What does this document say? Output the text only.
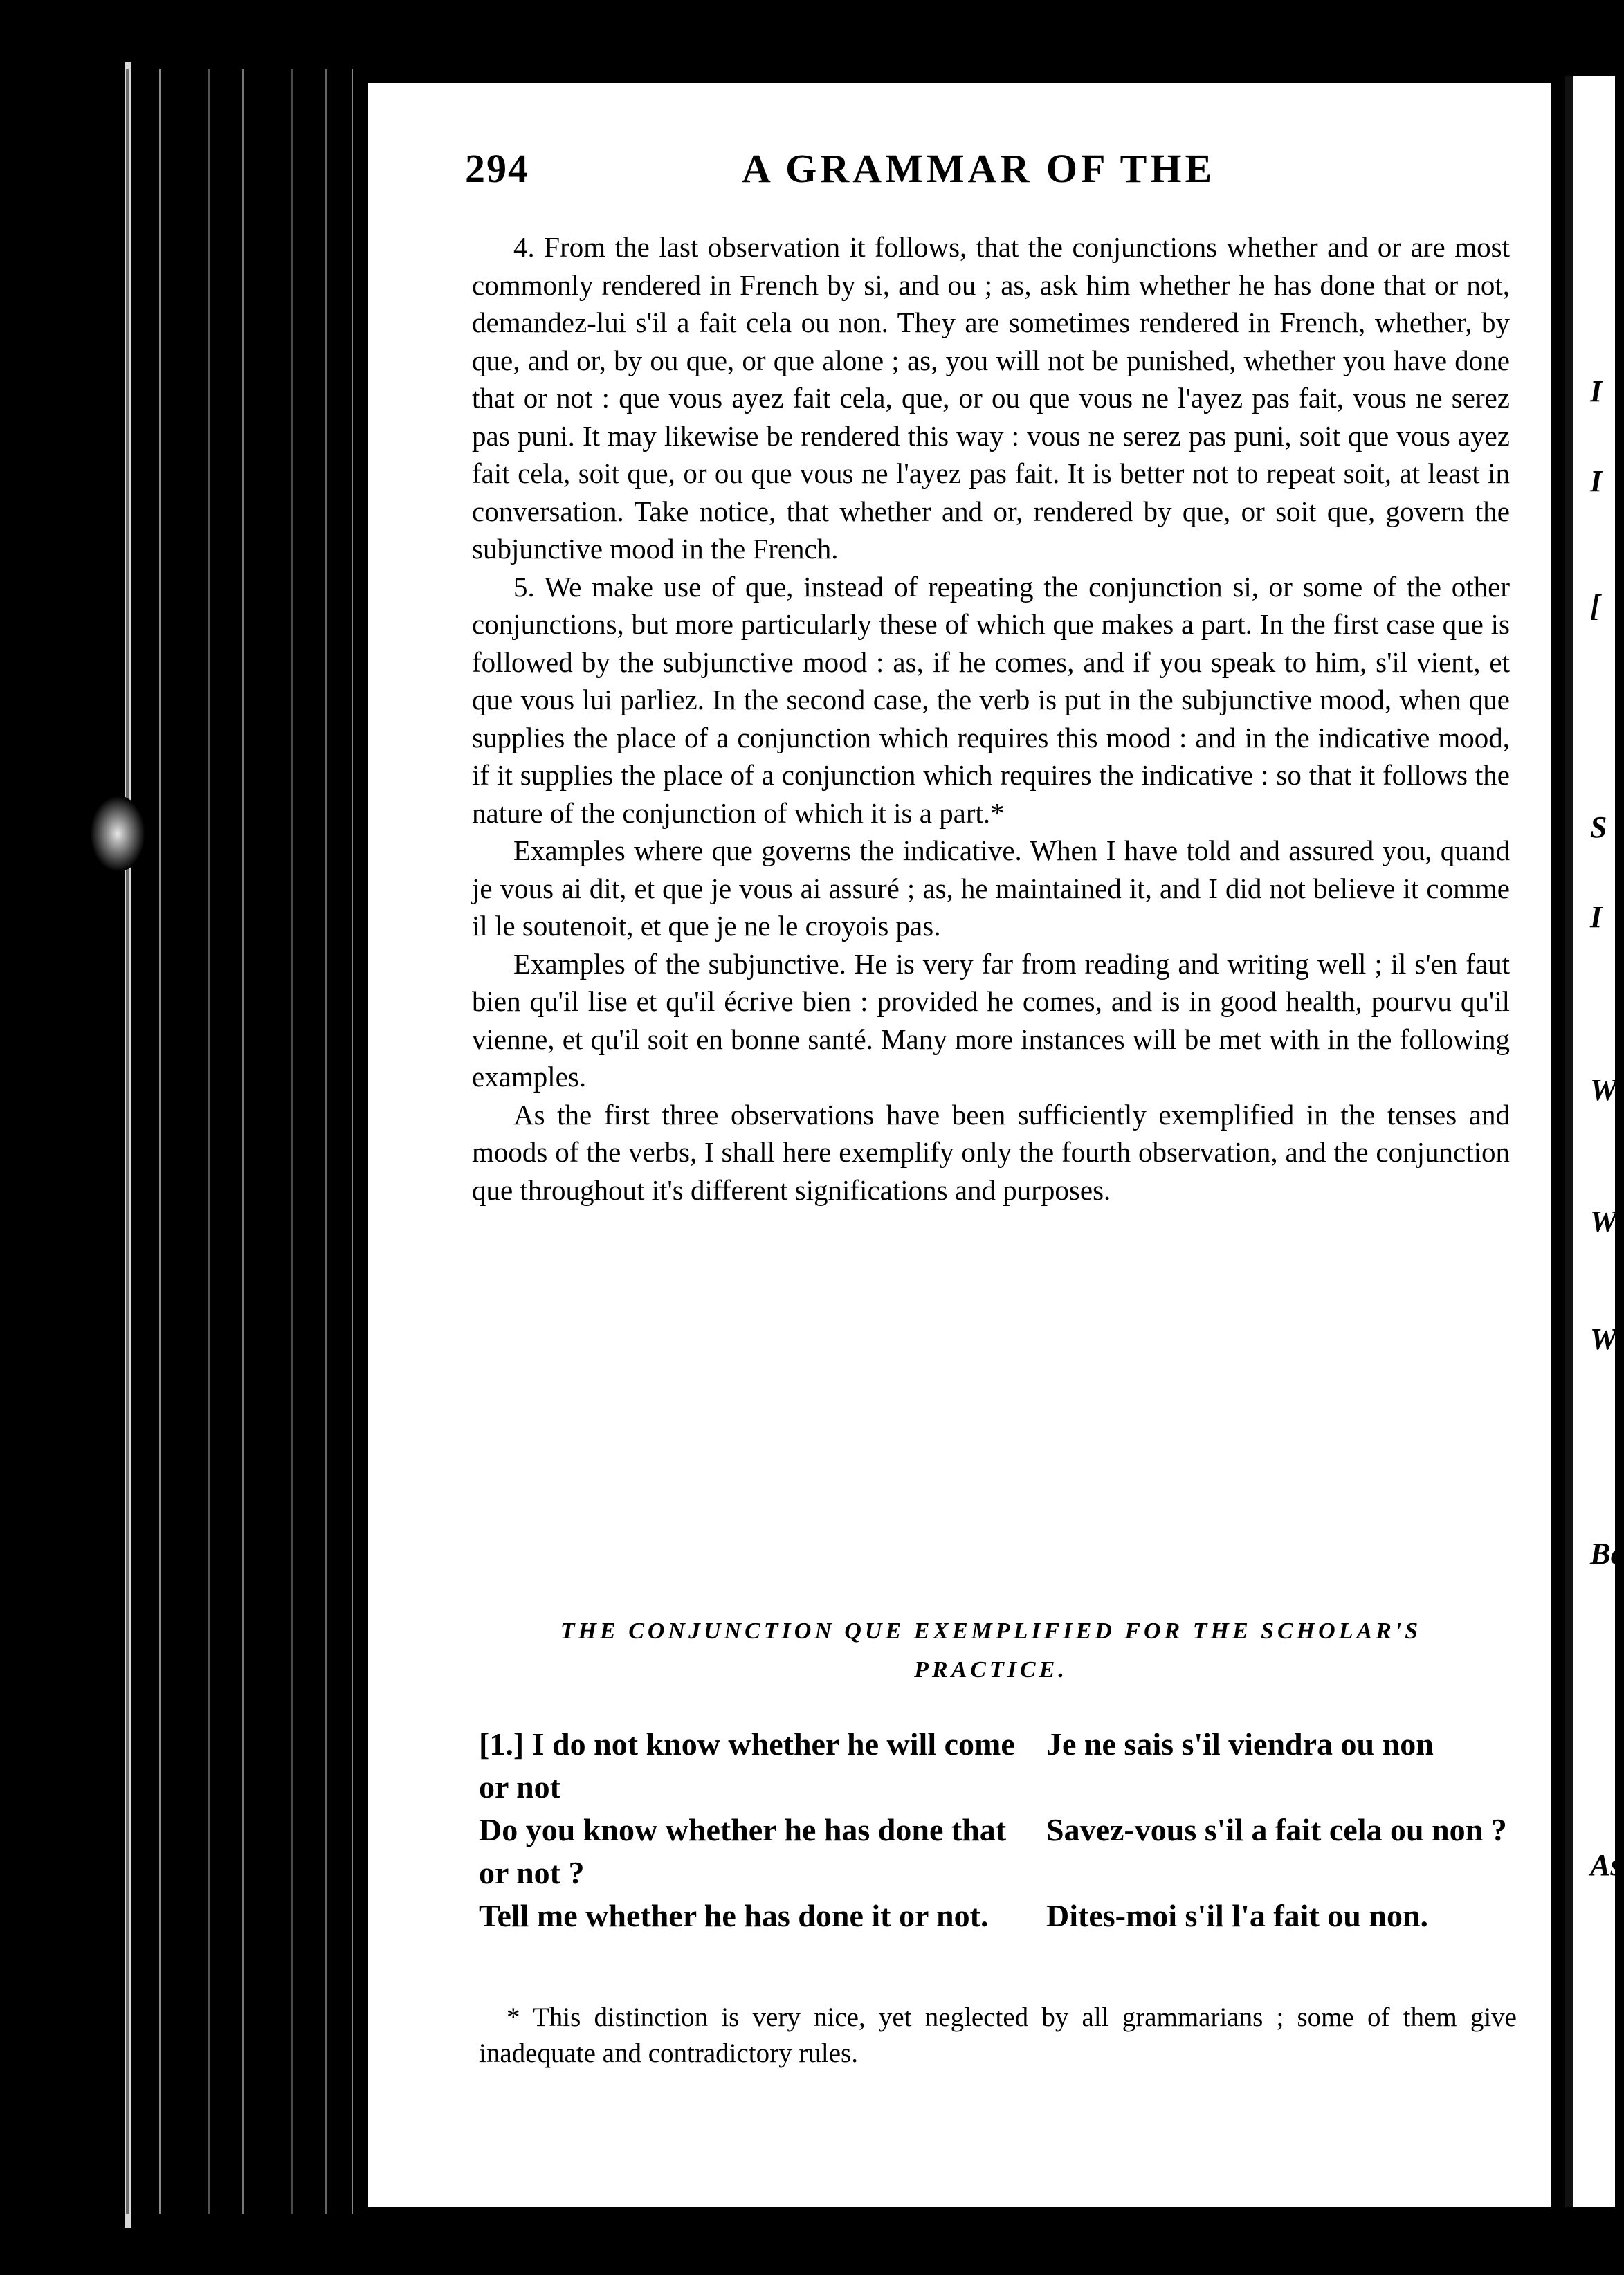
294	A GRAMMAR OF THE

4. From the last observation it follows, that the conjunctions whether and or are most commonly rendered in French by si, and ou ; as, ask him whether he has done that or not, demandez-lui s'il a fait cela ou non. They are sometimes rendered in French, whether, by que, and or, by ou que, or que alone ; as, you will not be punished, whether you have done that or not : que vous ayez fait cela, que, or ou que vous ne l'ayez pas fait, vous ne serez pas puni. It may likewise be rendered this way : vous ne serez pas puni, soit que vous ayez fait cela, soit que, or ou que vous ne l'ayez pas fait. It is better not to repeat soit, at least in conversation. Take notice, that whether and or, rendered by que, or soit que, govern the subjunctive mood in the French.

5. We make use of que, instead of repeating the conjunction si, or some of the other conjunctions, but more particularly these of which que makes a part. In the first case que is followed by the subjunctive mood : as, if he comes, and if you speak to him, s'il vient, et que vous lui parliez. In the second case, the verb is put in the subjunctive mood, when que supplies the place of a conjunction which requires this mood : and in the indicative mood, if it supplies the place of a conjunction which requires the indicative : so that it follows the nature of the conjunction of which it is a part.*

Examples where que governs the indicative. When I have told and assured you, quand je vous ai dit, et que je vous ai assuré ; as, he maintained it, and I did not believe it comme il le soutenoit, et que je ne le croyois pas.

Examples of the subjunctive. He is very far from reading and writing well ; il s'en faut bien qu'il lise et qu'il écrive bien : provided he comes, and is in good health, pourvu qu'il vienne, et qu'il soit en bonne santé. Many more instances will be met with in the following examples.

As the first three observations have been sufficiently exemplified in the tenses and moods of the verbs, I shall here exemplify only the fourth observation, and the conjunction que throughout it's different significations and purposes.

THE CONJUNCTION QUE EXEMPLIFIED FOR THE SCHOLAR'S
PRACTICE.
[1.] I do not know whether he will come or not
Je ne sais s'il viendra ou non
Do you know whether he has done that or not ?
Savez-vous s'il a fait cela ou non ?
Tell me whether he has done it or not.	Dites-moi s'il l'a fait ou non.
* This distinction is very nice, yet neglected by all grammarians ; some of them give inadequate and contradictory rules.
I
I
[
S
I
W
W
W
Be
As
